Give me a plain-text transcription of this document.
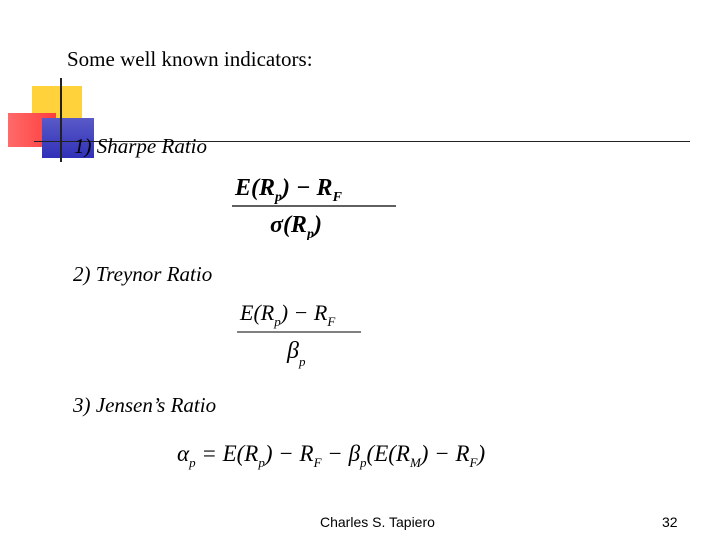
Some well known indicators:
1) Sharpe Ratio
$E(R_p) - R_F$
$\sigma(R_p)$
2) Treynor Ratio
$E(R_p) - R_F$
$\beta_p$
3) Jensen’s Ratio
$\alpha_p = E(R_p) - R_F - \beta_p(E(R_M) - R_F)$
Charles S. Tapiero	32
